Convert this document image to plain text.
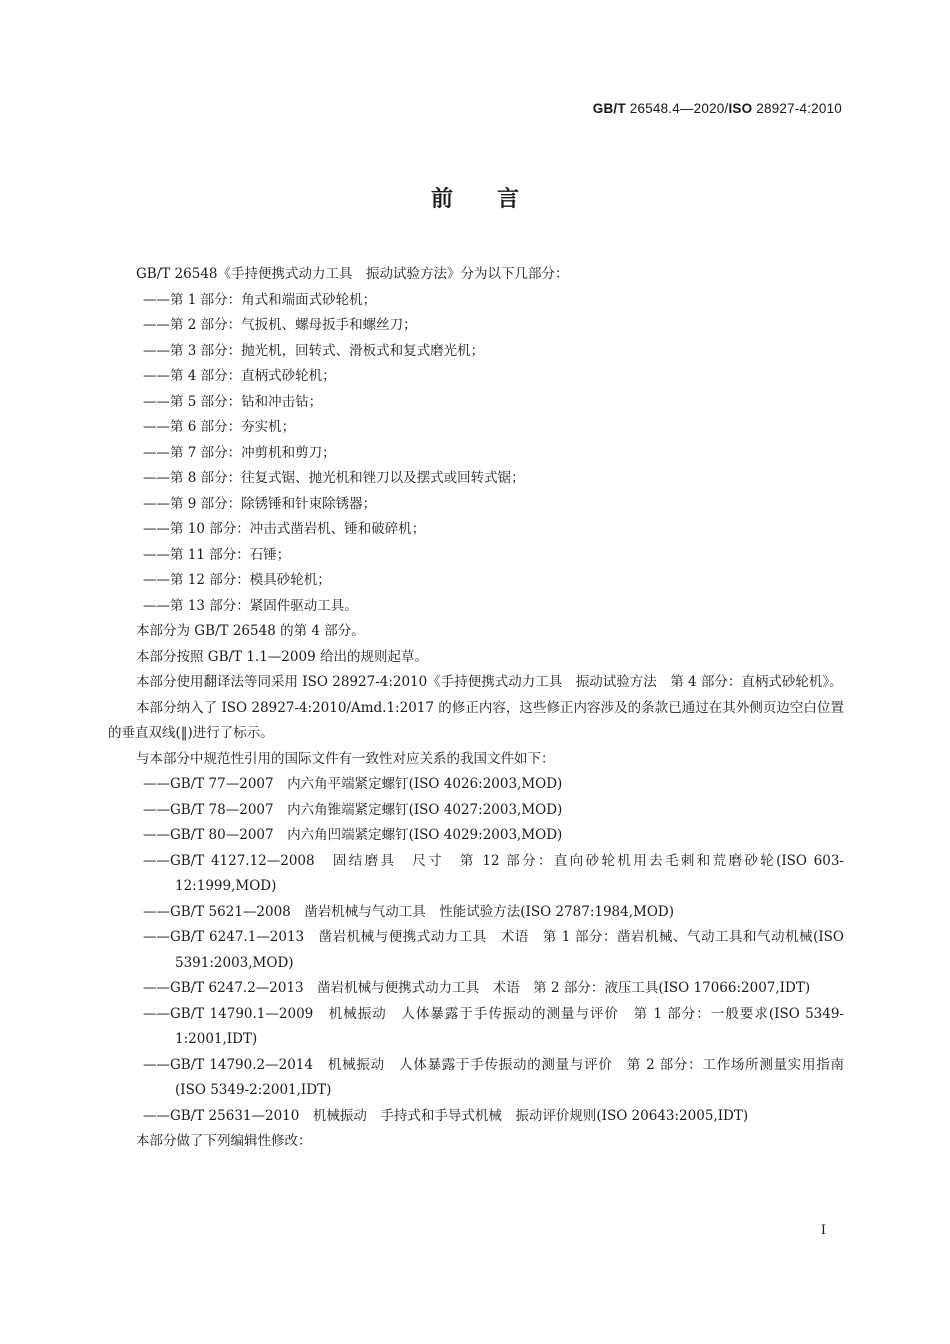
GB/T 26548.4—2020/ISO 28927-4:2010
前言

GB/T 26548《手持便携式动力工具　振动试验方法》分为以下几部分：

——第 1 部分：角式和端面式砂轮机；

——第 2 部分：气扳机、螺母扳手和螺丝刀；

——第 3 部分：抛光机，回转式、滑板式和复式磨光机；

——第 4 部分：直柄式砂轮机；

——第 5 部分：钻和冲击钻；

——第 6 部分：夯实机；

——第 7 部分：冲剪机和剪刀；

——第 8 部分：往复式锯、抛光机和锉刀以及摆式或回转式锯；

——第 9 部分：除锈锤和针束除锈器；

——第 10 部分：冲击式凿岩机、锤和破碎机；

——第 11 部分：石锤；

——第 12 部分：模具砂轮机；

——第 13 部分：紧固件驱动工具。

本部分为 GB/T 26548 的第 4 部分。

本部分按照 GB/T 1.1—2009 给出的规则起草。

本部分使用翻译法等同采用 ISO 28927-4:2010《手持便携式动力工具　振动试验方法　第 4 部分：直柄式砂轮机》。

本部分纳入了 ISO 28927-4:2010/Amd.1:2017 的修正内容，这些修正内容涉及的条款已通过在其外侧页边空白位置的垂直双线(‖)进行了标示。

与本部分中规范性引用的国际文件有一致性对应关系的我国文件如下：

——GB/T 77—2007　内六角平端紧定螺钉(ISO 4026:2003,MOD)

——GB/T 78—2007　内六角锥端紧定螺钉(ISO 4027:2003,MOD)

——GB/T 80—2007　内六角凹端紧定螺钉(ISO 4029:2003,MOD)

——GB/T 4127.12—2008　固结磨具　尺寸　第 12 部分：直向砂轮机用去毛刺和荒磨砂轮(ISO 603-12:1999,MOD)

——GB/T 5621—2008　凿岩机械与气动工具　性能试验方法(ISO 2787:1984,MOD)

——GB/T 6247.1—2013　凿岩机械与便携式动力工具　术语　第 1 部分：凿岩机械、气动工具和气动机械(ISO 5391:2003,MOD)

——GB/T 6247.2—2013　凿岩机械与便携式动力工具　术语　第 2 部分：液压工具(ISO 17066:2007,IDT)

——GB/T 14790.1—2009　机械振动　人体暴露于手传振动的测量与评价　第 1 部分：一般要求(ISO 5349-1:2001,IDT)

——GB/T 14790.2—2014　机械振动　人体暴露于手传振动的测量与评价　第 2 部分：工作场所测量实用指南(ISO 5349-2:2001,IDT)

——GB/T 25631—2010　机械振动　手持式和手导式机械　振动评价规则(ISO 20643:2005,IDT)

本部分做了下列编辑性修改：

I
